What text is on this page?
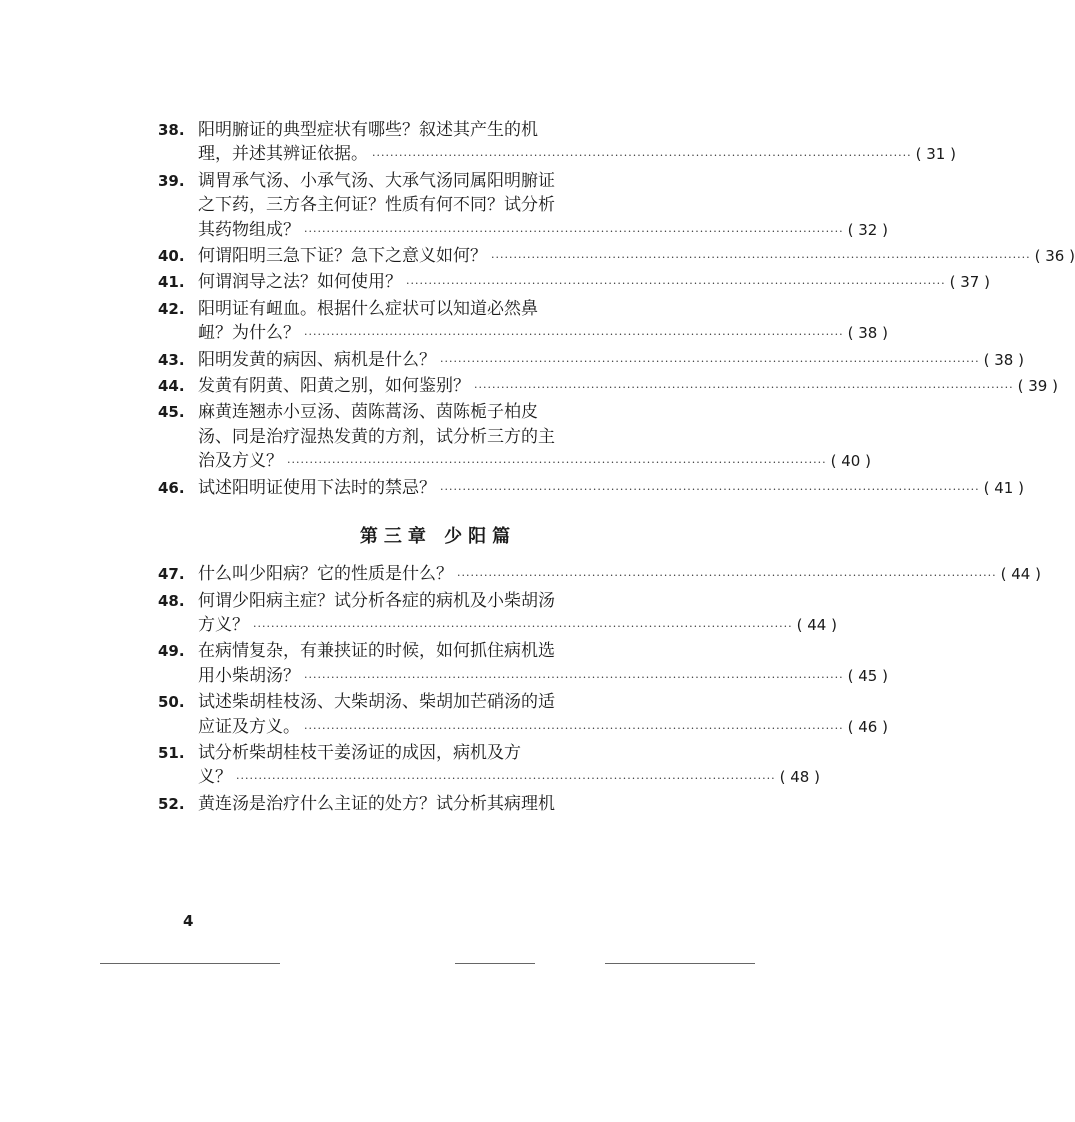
38. 阳明腑证的典型症状有哪些？叙述其产生的机
理，并述其辨证依据。 ························································································································ ( 31 )
39. 调胃承气汤、小承气汤、大承气汤同属阳明腑证
之下药，三方各主何证？性质有何不同？试分析
其药物组成？ ························································································································ ( 32 )
40. 何谓阳明三急下证？急下之意义如何？ ························································································································ ( 36 )
41. 何谓润导之法？如何使用？ ························································································································ ( 37 )
42. 阳明证有衄血。根据什么症状可以知道必然鼻
衄？为什么？ ························································································································ ( 38 )
43. 阳明发黄的病因、病机是什么？ ························································································································ ( 38 )
44. 发黄有阴黄、阳黄之别，如何鉴别？ ························································································································ ( 39 )
45. 麻黄连翘赤小豆汤、茵陈蒿汤、茵陈栀子柏皮
汤、同是治疗湿热发黄的方剂，试分析三方的主
治及方义？ ························································································································ ( 40 )
46. 试述阳明证使用下法时的禁忌？ ························································································································ ( 41 )
第三章 少阳篇
47. 什么叫少阳病？它的性质是什么？ ························································································································ ( 44 )
48. 何谓少阳病主症？试分析各症的病机及小柴胡汤
方义？ ························································································································ ( 44 )
49. 在病情复杂，有兼挟证的时候，如何抓住病机选
用小柴胡汤？ ························································································································ ( 45 )
50. 试述柴胡桂枝汤、大柴胡汤、柴胡加芒硝汤的适
应证及方义。 ························································································································ ( 46 )
51. 试分析柴胡桂枝干姜汤证的成因，病机及方
义？ ························································································································ ( 48 )
52. 黄连汤是治疗什么主证的处方？试分析其病理机
4
